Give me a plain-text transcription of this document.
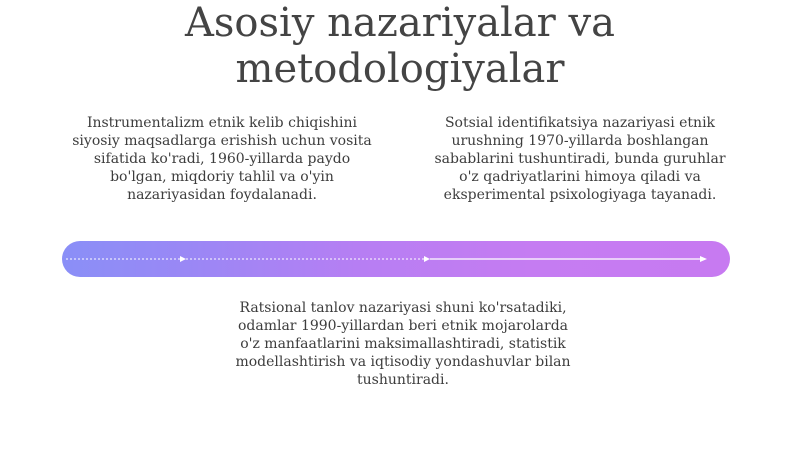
Asosiy nazariyalar va
metodologiyalar
Instrumentalizm etnik kelib chiqishini siyosiy maqsadlarga erishish uchun vosita sifatida ko'radi, 1960-yillarda paydo bo'lgan, miqdoriy tahlil va o'yin nazariyasidan foydalanadi.
Sotsial identifikatsiya nazariyasi etnik urushning 1970-yillarda boshlangan sabablarini tushuntiradi, bunda guruhlar o'z qadriyatlarini himoya qiladi va eksperimental psixologiyaga tayanadi.
Ratsional tanlov nazariyasi shuni ko'rsatadiki, odamlar 1990-yillardan beri etnik mojarolarda o'z manfaatlarini maksimallashtiradi, statistik modellashtirish va iqtisodiy yondashuvlar bilan tushuntiradi.
